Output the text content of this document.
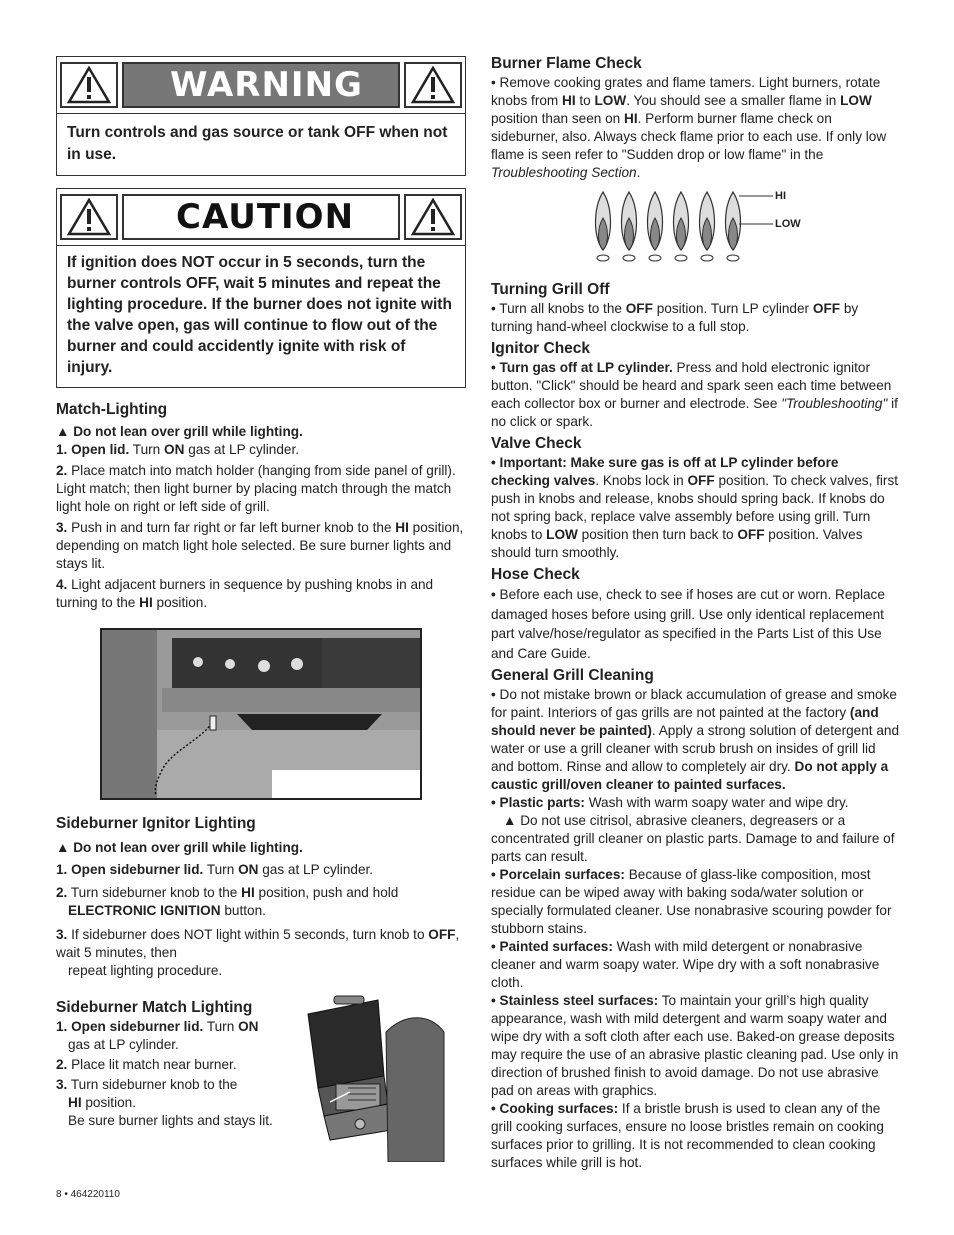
WARNING
Turn controls and gas source or tank OFF when not in use.
CAUTION
If ignition does NOT occur in 5 seconds, turn the burner controls OFF, wait 5 minutes and repeat the lighting procedure. If the burner does not ignite with the valve open, gas will continue to flow out of the burner and could accidently ignite with risk of injury.
Match-Lighting

▲ Do not lean over grill while lighting.

1. Open lid. Turn ON gas at LP cylinder.

2. Place match into match holder (hanging from side panel of grill). Light match; then light burner by placing match through the match light hole on right or left side of grill.

3. Push in and turn far right or far left burner knob to the HI position, depending on match light hole selected. Be sure burner lights and stays lit.

4. Light adjacent burners in sequence by pushing knobs in and turning to the HI position.

Sideburner Ignitor Lighting

▲ Do not lean over grill while lighting.

1. Open sideburner lid. Turn ON gas at LP cylinder.

2. Turn sideburner knob to the HI position, push and hold
ELECTRONIC IGNITION button.

3. If sideburner does NOT light within 5 seconds, turn knob to OFF, wait 5 minutes, then
repeat lighting procedure.

Sideburner Match Lighting

1. Open sideburner lid. Turn ON
gas at LP cylinder.

2. Place lit match near burner.

3. Turn sideburner knob to the
HI position.
Be sure burner lights and stays lit.

Burner Flame Check

• Remove cooking grates and flame tamers. Light burners, rotate knobs from HI to LOW. You should see a smaller flame in LOW position than seen on HI. Perform burner flame check on sideburner, also. Always check flame prior to each use. If only low flame is seen refer to "Sudden drop or low flame" in the Troubleshooting Section.

HI
LOW
Turning Grill Off

• Turn all knobs to the OFF position. Turn LP cylinder OFF by turning hand-wheel clockwise to a full stop.

Ignitor Check

• Turn gas off at LP cylinder. Press and hold electronic ignitor button. "Click" should be heard and spark seen each time between each collector box or burner and electrode. See "Troubleshooting" if no click or spark.

Valve Check

• Important: Make sure gas is off at LP cylinder before checking valves. Knobs lock in OFF position. To check valves, first push in knobs and release, knobs should spring back. If knobs do not spring back, replace valve assembly before using grill. Turn knobs to LOW position then turn back to OFF position. Valves should turn smoothly.

Hose Check

• Before each use, check to see if hoses are cut or worn. Replace damaged hoses before using grill. Use only identical replacement part valve/hose/regulator as specified in the Parts List of this Use and Care Guide.

General Grill Cleaning

• Do not mistake brown or black accumulation of grease and smoke for paint. Interiors of gas grills are not painted at the factory (and should never be painted). Apply a strong solution of detergent and water or use a grill cleaner with scrub brush on insides of grill lid and bottom. Rinse and allow to completely air dry. Do not apply a caustic grill/oven cleaner to painted surfaces.

• Plastic parts: Wash with warm soapy water and wipe dry.
▲ Do not use citrisol, abrasive cleaners, degreasers or a concentrated grill cleaner on plastic parts. Damage to and failure of parts can result.

• Porcelain surfaces: Because of glass-like composition, most residue can be wiped away with baking soda/water solution or specially formulated cleaner. Use nonabrasive scouring powder for stubborn stains.

• Painted surfaces: Wash with mild detergent or nonabrasive cleaner and warm soapy water. Wipe dry with a soft nonabrasive cloth.

• Stainless steel surfaces: To maintain your grill’s high quality appearance, wash with mild detergent and warm soapy water and wipe dry with a soft cloth after each use. Baked-on grease deposits may require the use of an abrasive plastic cleaning pad. Use only in direction of brushed finish to avoid damage. Do not use abrasive pad on areas with graphics.

• Cooking surfaces: If a bristle brush is used to clean any of the grill cooking surfaces, ensure no loose bristles remain on cooking surfaces prior to grilling. It is not recommended to clean cooking surfaces while grill is hot.

8 • 464220110
